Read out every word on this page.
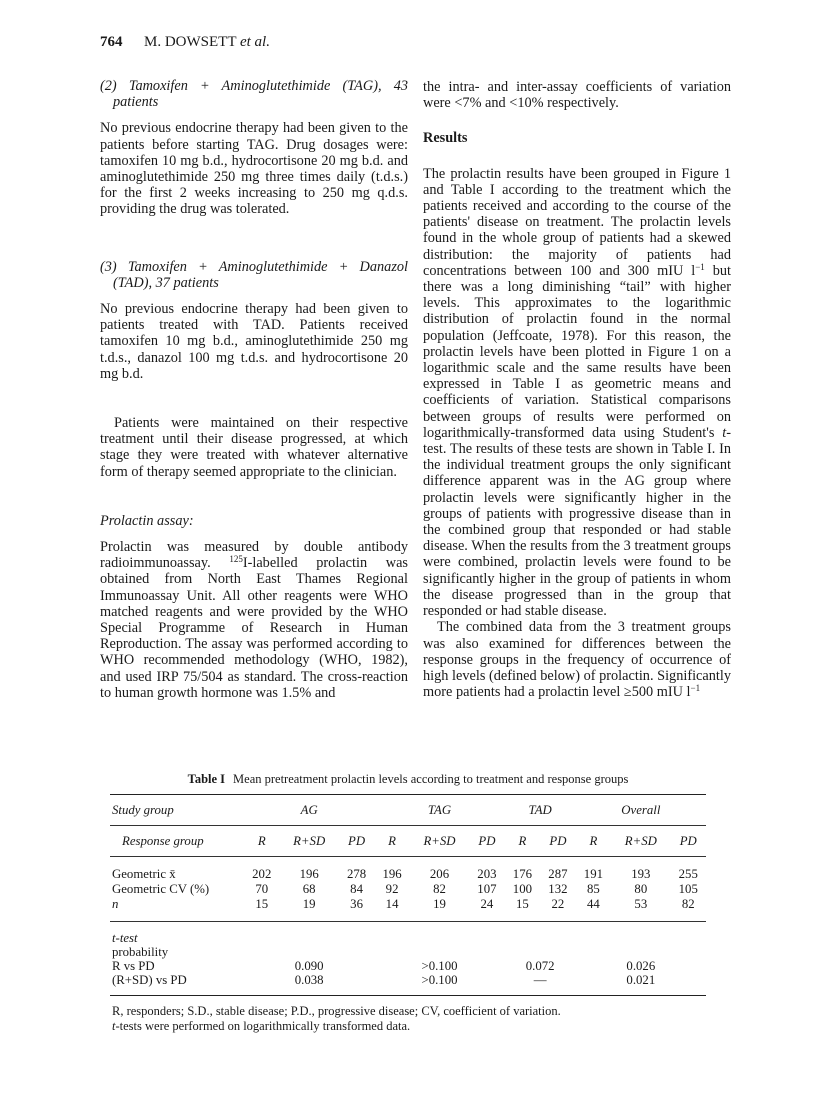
764 M. DOWSETT et al.

(2) Tamoxifen + Aminoglutethimide (TAG), 43 patients

No previous endocrine therapy had been given to the patients before starting TAG. Drug dosages were: tamoxifen 10 mg b.d., hydrocortisone 20 mg b.d. and aminoglutethimide 250 mg three times daily (t.d.s.) for the first 2 weeks increasing to 250 mg q.d.s. providing the drug was tolerated.

(3) Tamoxifen + Aminoglutethimide + Danazol (TAD), 37 patients

No previous endocrine therapy had been given to patients treated with TAD. Patients received tamoxifen 10 mg b.d., aminoglutethimide 250 mg t.d.s., danazol 100 mg t.d.s. and hydrocortisone 20 mg b.d.

Patients were maintained on their respective treatment until their disease progressed, at which stage they were treated with whatever alternative form of therapy seemed appropriate to the clinician.

Prolactin assay:

Prolactin was measured by double antibody radioimmunoassay. $^{125}$I-labelled prolactin was obtained from North East Thames Regional Immunoassay Unit. All other reagents were WHO matched reagents and were provided by the WHO Special Programme of Research in Human Reproduction. The assay was performed according to WHO recommended methodology (WHO, 1982), and used IRP 75/504 as standard. The cross-reaction to human growth hormone was 1.5% and

the intra- and inter-assay coefficients of variation were <7% and <10% respectively.

Results

The prolactin results have been grouped in Figure 1 and Table I according to the treatment which the patients received and according to the course of the patients' disease on treatment. The prolactin levels found in the whole group of patients had a skewed distribution: the majority of patients had concentrations between 100 and 300 mIU $l^{-1}$ but there was a long diminishing “tail” with higher levels. This approximates to the logarithmic distribution of prolactin found in the normal population (Jeffcoate, 1978). For this reason, the prolactin levels have been plotted in Figure 1 on a logarithmic scale and the same results have been expressed in Table I as geometric means and coefficients of variation. Statistical comparisons between groups of results were performed on logarithmically-transformed data using Student's t-test. The results of these tests are shown in Table I. In the individual treatment groups the only significant difference apparent was in the AG group where prolactin levels were significantly higher in the groups of patients with progressive disease than in the combined group that responded or had stable disease. When the results from the 3 treatment groups were combined, prolactin levels were found to be significantly higher in the group of patients in whom the disease progressed than in the group that responded or had stable disease.

The combined data from the 3 treatment groups was also examined for differences between the response groups in the frequency of occurrence of high levels (defined below) of prolactin. Significantly more patients had a prolactin level ≥500 mIU $l^{-1}$

Table I Mean pretreatment prolactin levels according to treatment and response groups
Study group	AG			TAG			TAD		Overall		
Response group	R	R+SD	PD	R	R+SD	PD	R	PD	R	R+SD	PD
Geometric x̄	202	196	278	196	206	203	176	287	191	193	255
Geometric CV (%)	70	68	84	92	82	107	100	132	85	80	105
n	15	19	36	14	19	24	15	22	44	53	82
t-test
probability											
R vs PD	0.090			>0.100			0.072		0.026		
(R+SD) vs PD	0.038			>0.100			—		0.021		
R, responders; S.D., stable disease; P.D., progressive disease; CV, coefficient of variation.
t-tests were performed on logarithmically transformed data.
